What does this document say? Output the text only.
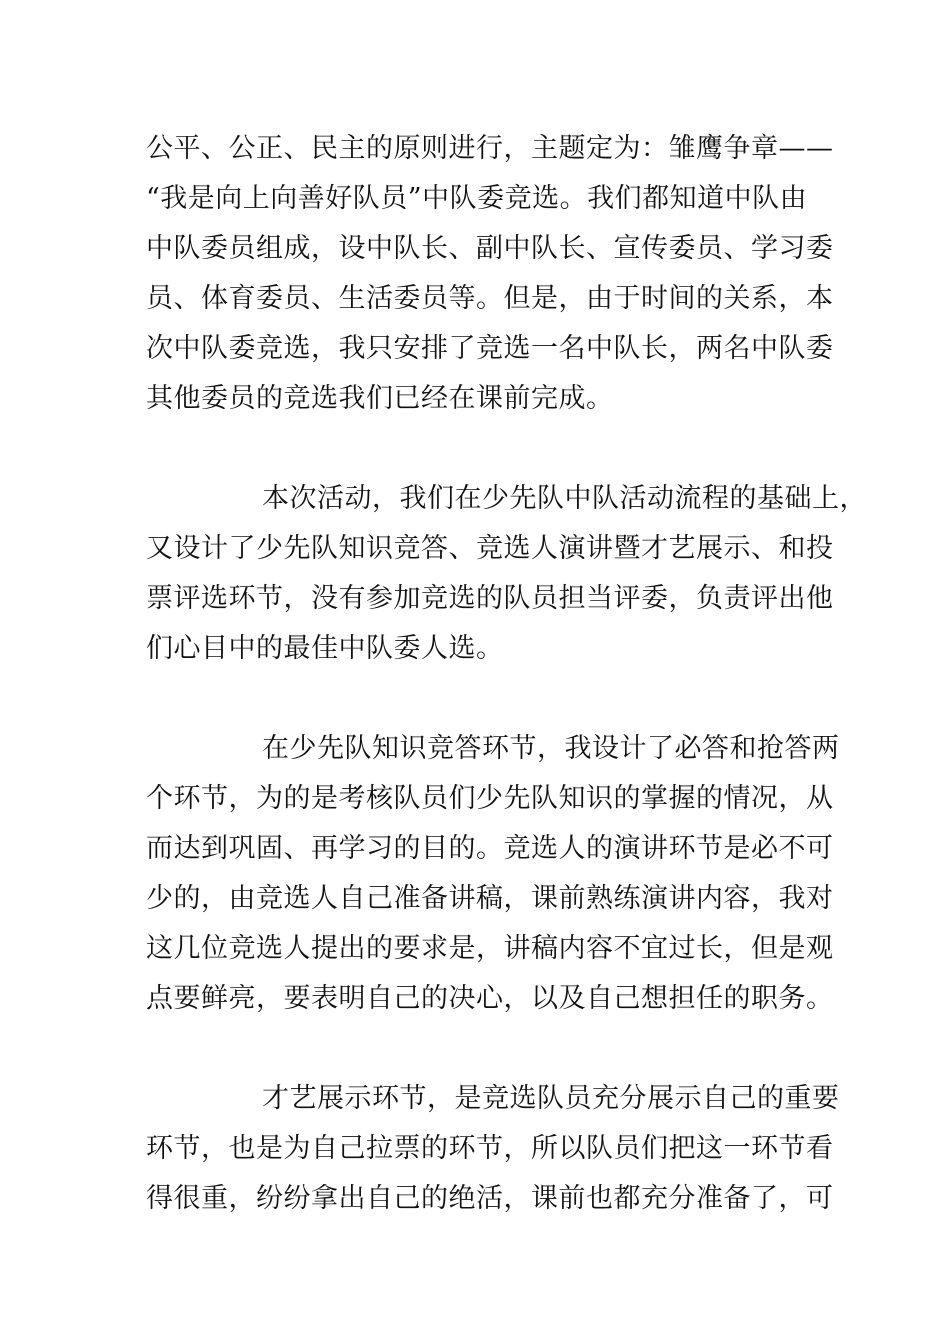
公平、公正、民主的原则进行，主题定为：雏鹰争章——
“我是向上向善好队员”中队委竞选。我们都知道中队由
中队委员组成，设中队长、副中队长、宣传委员、学习委
员、体育委员、生活委员等。但是，由于时间的关系，本
次中队委竞选，我只安排了竞选一名中队长，两名中队委
其他委员的竞选我们已经在课前完成。
本次活动，我们在少先队中队活动流程的基础上，
又设计了少先队知识竞答、竞选人演讲暨才艺展示、和投
票评选环节，没有参加竞选的队员担当评委，负责评出他
们心目中的最佳中队委人选。
在少先队知识竞答环节，我设计了必答和抢答两
个环节，为的是考核队员们少先队知识的掌握的情况，从
而达到巩固、再学习的目的。竞选人的演讲环节是必不可
少的，由竞选人自己准备讲稿，课前熟练演讲内容，我对
这几位竞选人提出的要求是，讲稿内容不宜过长，但是观
点要鲜亮，要表明自己的决心，以及自己想担任的职务。
才艺展示环节，是竞选队员充分展示自己的重要
环节，也是为自己拉票的环节，所以队员们把这一环节看
得很重，纷纷拿出自己的绝活，课前也都充分准备了，可
